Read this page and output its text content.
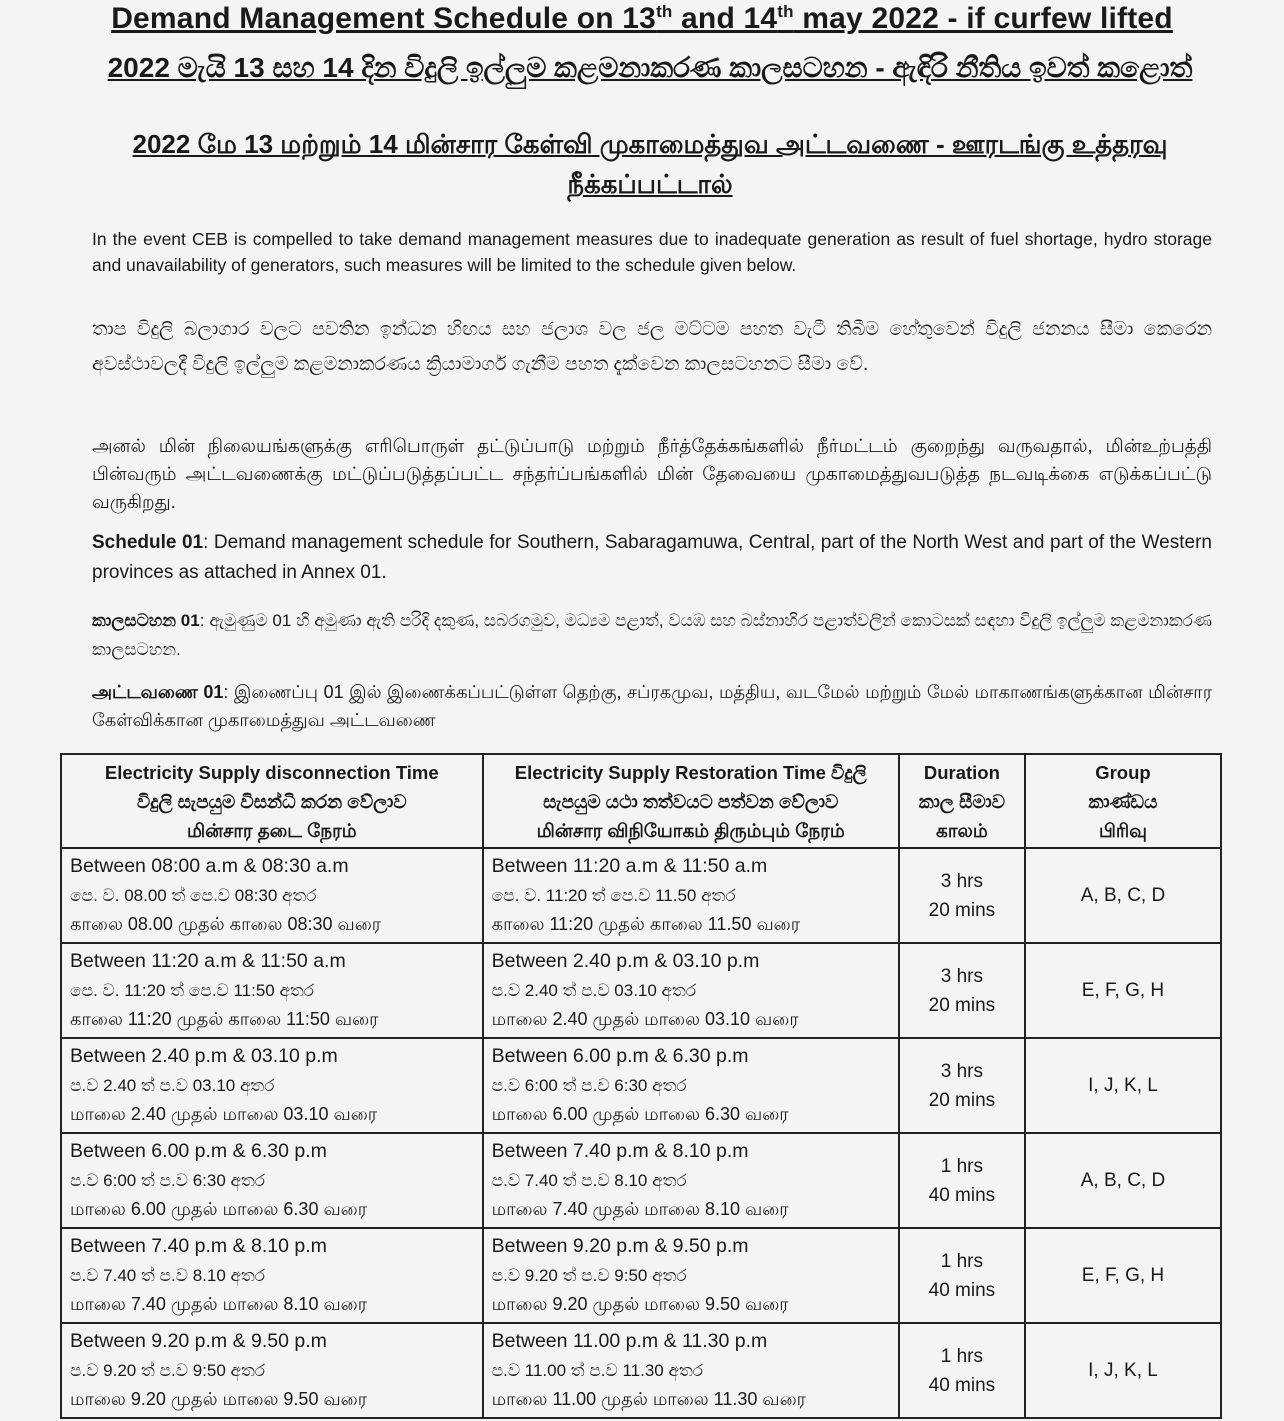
Demand Management Schedule on 13th and 14th may 2022 - if curfew lifted
2022 මැයි 13 සහ 14 දින විදුලි ඉල්ලුම කළමනාකරණ කාලසටහන - ඇඳිරි නීතිය ඉවත් කළොත්
2022 மே 13 மற்றும் 14 மின்சார கேள்வி முகாமைத்துவ அட்டவணை - ஊரடங்கு உத்தரவு நீக்கப்பட்டால்
In the event CEB is compelled to take demand management measures due to inadequate generation as result of fuel shortage, hydro storage and unavailability of generators, such measures will be limited to the schedule given below.
තාප විදුලි බලාගාර වලට පවතින ඉන්ධන හිඟය සහ ජලාශ වල ජල මට්ටම පහත වැටී තිබීම හේතුවෙන් විදුලි ජනනය සීමා කෙරෙන අවස්ථාවලදී විදුලි ඉල්ලුම කළමනාකරණය ක්‍රියාමාර්ග ගැනීම පහත දැක්වෙන කාලසටහනට සීමා වේ.
அனல் மின் நிலையங்களுக்கு எரிபொருள் தட்டுப்பாடு மற்றும் நீர்த்தேக்கங்களில் நீர்மட்டம் குறைந்து வருவதால், மின்உற்பத்தி பின்வரும் அட்டவணைக்கு மட்டுப்படுத்தப்பட்ட சந்தர்ப்பங்களில் மின் தேவையை முகாமைத்துவபடுத்த நடவடிக்கை எடுக்கப்பட்டு வருகிறது.
Schedule 01: Demand management schedule for Southern, Sabaragamuwa, Central, part of the North West and part of the Western provinces as attached in Annex 01.
කාලසටහන 01: ඇමුණුම 01 හි අමුණා ඇති පරිදි දකුණ, සබරගමුව, මධ්‍යම පළාත්, වයඹ සහ බස්නාහිර පළාත්වලින් කොටසක් සඳහා විදුලි ඉල්ලුම කළමනාකරණ කාලසටහන.
அட்டவணை 01: இணைப்பு 01 இல் இணைக்கப்பட்டுள்ள தெற்கு, சப்ரகமுவ, மத்திய, வடமேல் மற்றும் மேல் மாகாணங்களுக்கான மின்சார கேள்விக்கான முகாமைத்துவ அட்டவணை
Electricity Supply disconnection Time
විදුලි සැපයුම විසන්ධි කරන වේලාව
மின்சார தடை நேரம்	Electricity Supply Restoration Time විදුලි
සැපයුම යථා තත්වයට පත්වන වේලාව
மின்சார விநியோகம் திரும்பும் நேரம்	Duration
කාල සීමාව
காலம்	Group
කාණ්ඩය
பிரிவு

Between 08:00 a.m & 08:30 a.m
පෙ. ව. 08.00 ත් පෙ.ව 08:30 අතර
காலை 08.00 முதல் காலை 08:30 வரை	Between 11:20 a.m & 11:50 a.m
පෙ. ව. 11:20 ත් පෙ.ව 11.50 අතර
காலை 11:20 முதல் காலை 11.50 வரை	3 hrs
20 mins	A, B, C, D

Between 11:20 a.m & 11:50 a.m
පෙ. ව. 11:20 ත් පෙ.ව 11:50 අතර
காலை 11:20 முதல் காலை 11:50 வரை	Between 2.40 p.m & 03.10 p.m
ප.ව 2.40 ත් ප.ව 03.10 අතර
மாலை 2.40 முதல் மாலை 03.10 வரை	3 hrs
20 mins	E, F, G, H

Between 2.40 p.m & 03.10 p.m
ප.ව 2.40 ත් ප.ව 03.10 අතර
மாலை 2.40 முதல் மாலை 03.10 வரை	Between 6.00 p.m & 6.30 p.m
ප.ව 6:00 ත් ප.ව 6:30 අතර
மாலை 6.00 முதல் மாலை 6.30 வரை	3 hrs
20 mins	I, J, K, L

Between 6.00 p.m & 6.30 p.m
ප.ව 6:00 ත් ප.ව 6:30 අතර
மாலை 6.00 முதல் மாலை 6.30 வரை	Between 7.40 p.m & 8.10 p.m
ප.ව 7.40 ත් ප.ව 8.10 අතර
மாலை 7.40 முதல் மாலை 8.10 வரை	1 hrs
40 mins	A, B, C, D

Between 7.40 p.m & 8.10 p.m
ප.ව 7.40 ත් ප.ව 8.10 අතර
மாலை 7.40 முதல் மாலை 8.10 வரை	Between 9.20 p.m & 9.50 p.m
ප.ව 9.20 ත් ප.ව 9:50 අතර
மாலை 9.20 முதல் மாலை 9.50 வரை	1 hrs
40 mins	E, F, G, H

Between 9.20 p.m & 9.50 p.m
ප.ව 9.20 ත් ප.ව 9:50 අතර
மாலை 9.20 முதல் மாலை 9.50 வரை	Between 11.00 p.m & 11.30 p.m
ප.ව 11.00 ත් ප.ව 11.30 අතර
மாலை 11.00 முதல் மாலை 11.30 வரை	1 hrs
40 mins	I, J, K, L
